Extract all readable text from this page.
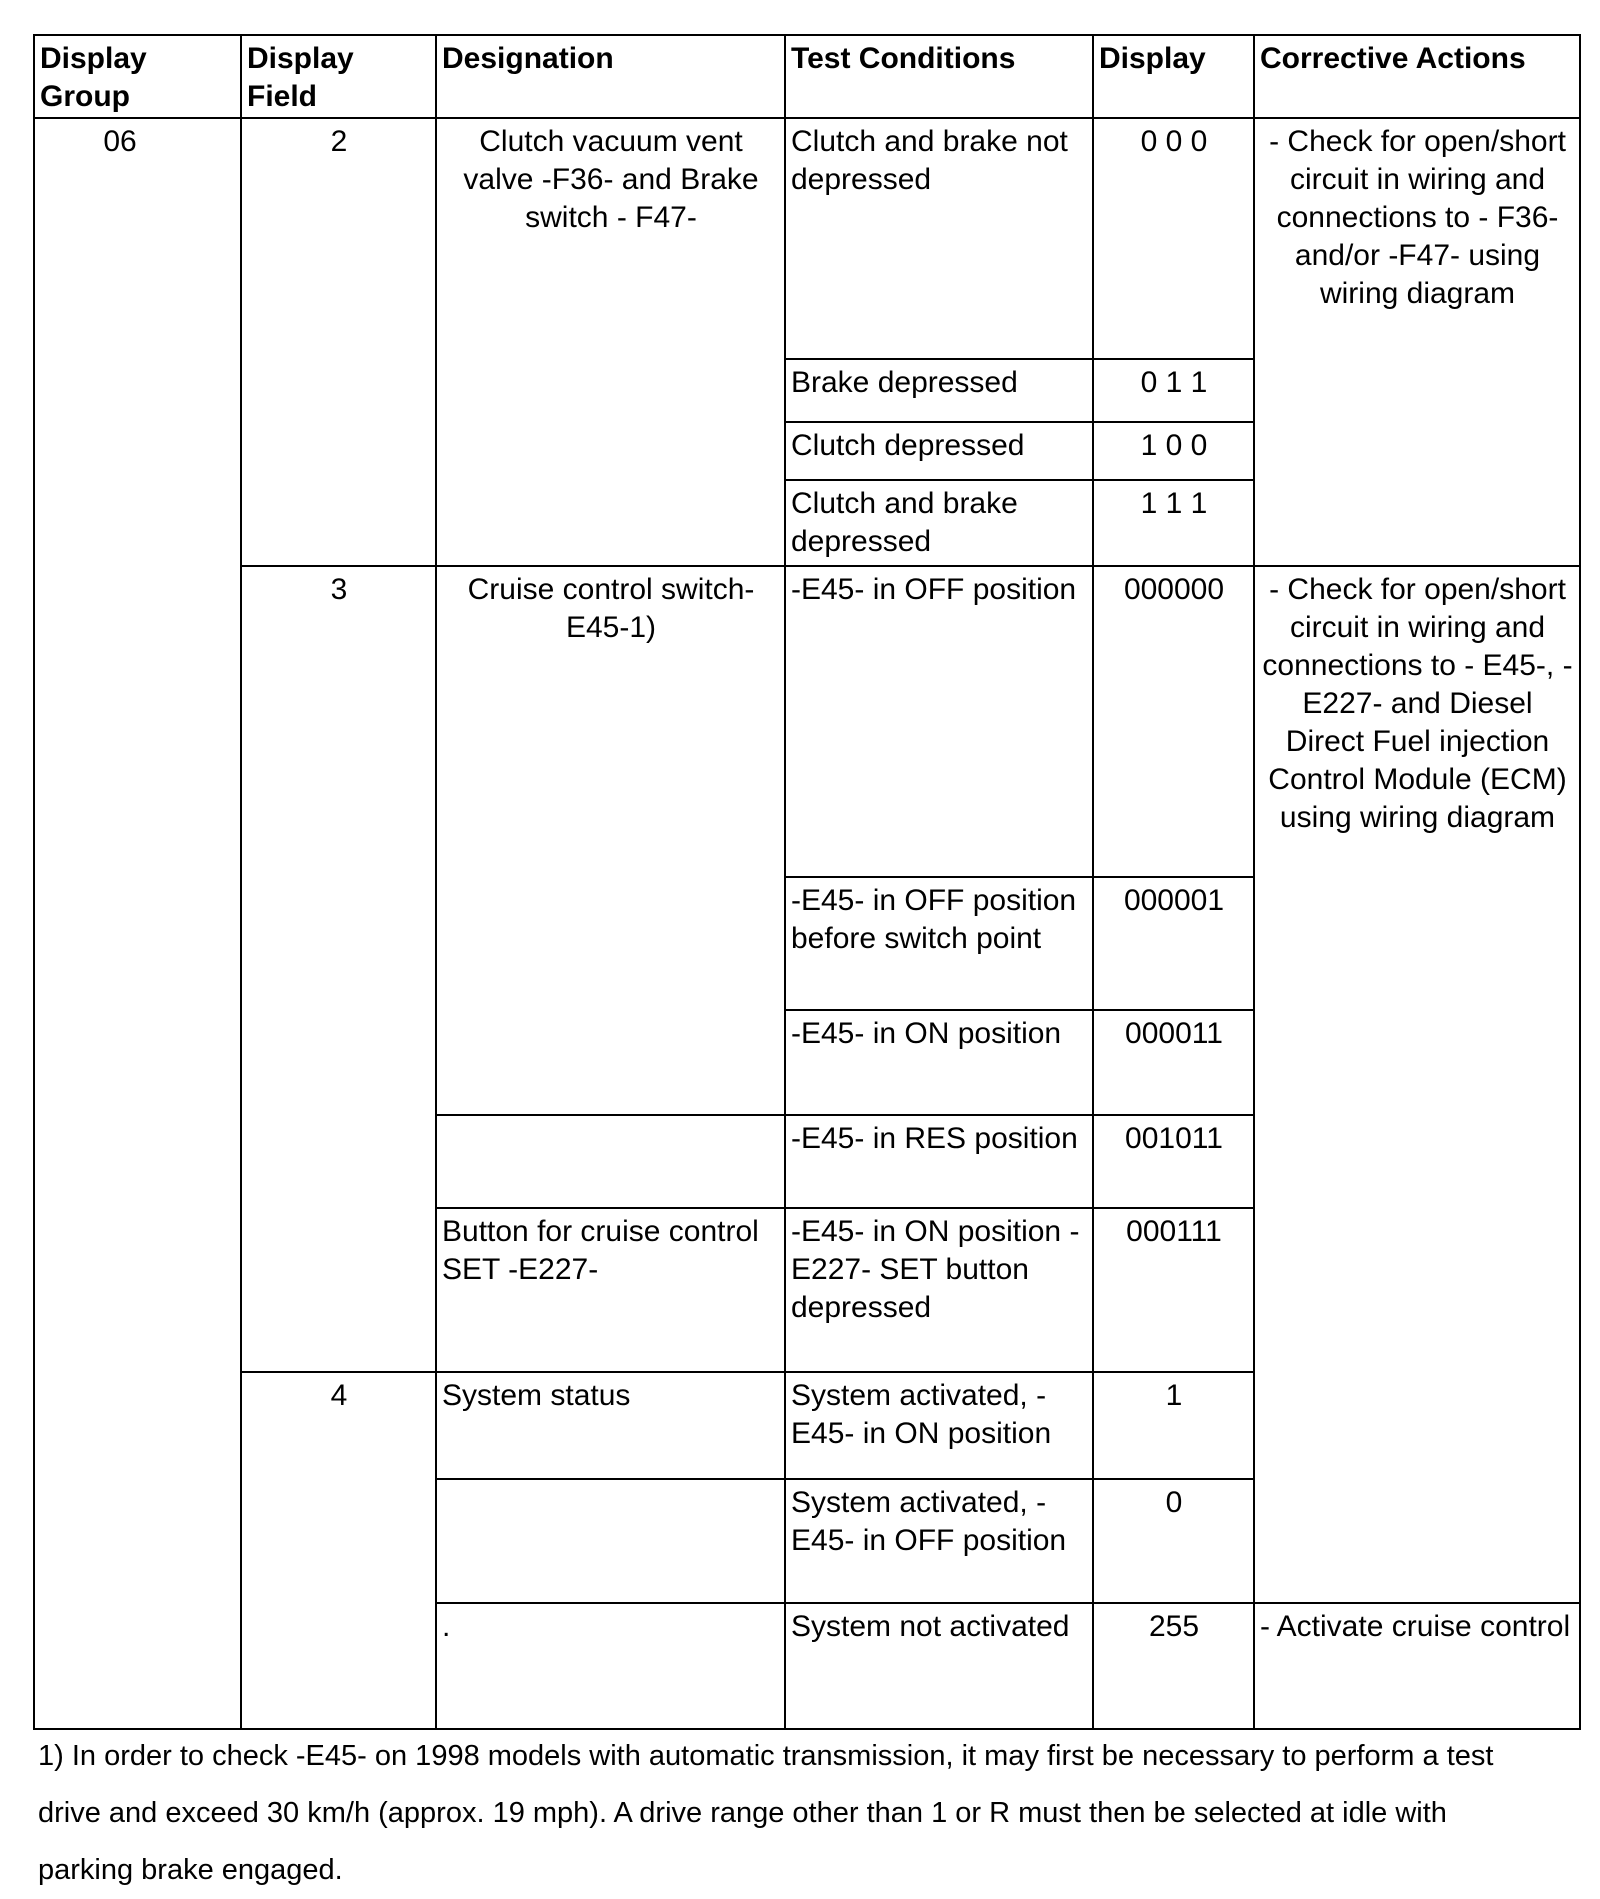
Display Group	Display Field	Designation	Test Conditions	Display	Corrective Actions
06	2	Clutch vacuum vent valve -F36- and Brake switch - F47-	Clutch and brake not depressed	0 0 0	- Check for open/short circuit in wiring and connections to - F36- and/or -F47- using wiring diagram
			Brake depressed	0 1 1	
			Clutch depressed	1 0 0	
			Clutch and brake depressed	1 1 1	
	3	Cruise control switch- E45-1)	-E45- in OFF position	000000	- Check for open/short circuit in wiring and connections to - E45-, -E227- and Diesel Direct Fuel injection Control Module (ECM) using wiring diagram
			-E45- in OFF position before switch point	000001	
			-E45- in ON position	000011	
			-E45- in RES position	001011	
		Button for cruise control SET -E227-	-E45- in ON position -E227- SET button depressed	000111	
	4	System status	System activated, -E45- in ON position	1	
			System activated, -E45- in OFF position	0	
		.	System not activated	255	- Activate cruise control
1) In order to check -E45- on 1998 models with automatic transmission, it may first be necessary to perform a test drive and exceed 30 km/h (approx. 19 mph). A drive range other than 1 or R must then be selected at idle with parking brake engaged.
